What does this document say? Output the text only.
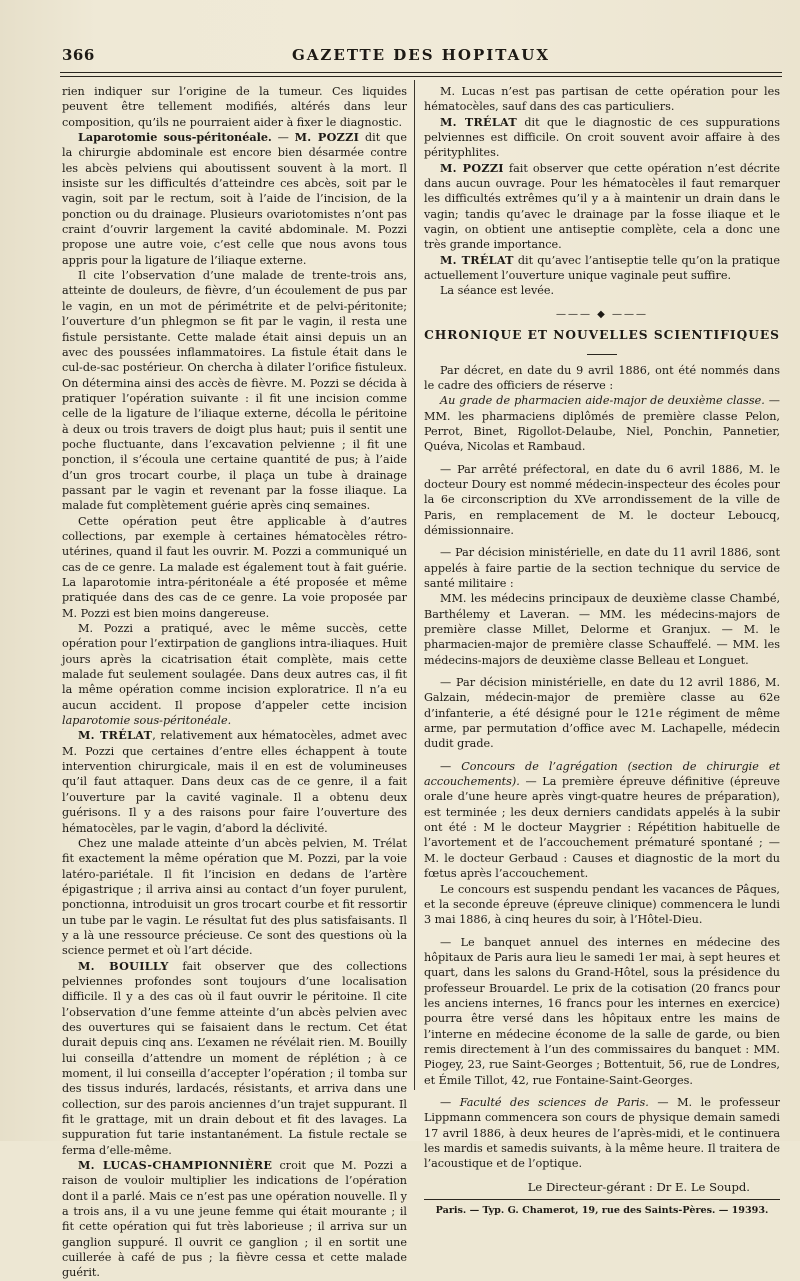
366	GAZETTE DES HOPITAUX

rien indiquer sur l’origine de la tumeur. Ces liquides peuvent être tellement modifiés, altérés dans leur composition, qu’ils ne pourraient aider à fixer le diagnostic.

Laparotomie sous-péritonéale. — M. POZZI dit que la chirurgie abdominale est encore bien désarmée contre les abcès pelviens qui aboutissent souvent à la mort. Il insiste sur les difficultés d’atteindre ces abcès, soit par le vagin, soit par le rectum, soit à l’aide de l’incision, de la ponction ou du drainage. Plusieurs ovariotomistes n’ont pas craint d’ouvrir largement la cavité abdominale. M. Pozzi propose une autre voie, c’est celle que nous avons tous appris pour la ligature de l’iliaque externe.

Il cite l’observation d’une malade de trente-trois ans, atteinte de douleurs, de fièvre, d’un écoulement de pus par le vagin, en un mot de périmétrite et de pelvi-péritonite; l’ouverture d’un phlegmon se fit par le vagin, il resta une fistule persistante. Cette malade était ainsi depuis un an avec des poussées inflammatoires. La fistule était dans le cul-de-sac postérieur. On chercha à dilater l’orifice fistuleux. On détermina ainsi des accès de fièvre. M. Pozzi se décida à pratiquer l’opération suivante : il fit une incision comme celle de la ligature de l’iliaque externe, décolla le péritoine à deux ou trois travers de doigt plus haut; puis il sentit une poche fluctuante, dans l’excavation pelvienne ; il fit une ponction, il s’écoula une certaine quantité de pus; à l’aide d’un gros trocart courbe, il plaça un tube à drainage passant par le vagin et revenant par la fosse iliaque. La malade fut complètement guérie après cinq semaines.

Cette opération peut être applicable à d’autres collections, par exemple à certaines hématocèles rétro-utérines, quand il faut les ouvrir. M. Pozzi a communiqué un cas de ce genre. La malade est également tout à fait guérie. La laparotomie intra-péritonéale a été proposée et même pratiquée dans des cas de ce genre. La voie proposée par M. Pozzi est bien moins dangereuse.

M. Pozzi a pratiqué, avec le même succès, cette opération pour l’extirpation de ganglions intra-iliaques. Huit jours après la cicatrisation était complète, mais cette malade fut seulement soulagée. Dans deux autres cas, il fit la même opération comme incision exploratrice. Il n’a eu aucun accident. Il propose d’appeler cette incision laparotomie sous-péritonéale.

M. TRÉLAT, relativement aux hématocèles, admet avec M. Pozzi que certaines d’entre elles échappent à toute intervention chirurgicale, mais il en est de volumineuses qu’il faut attaquer. Dans deux cas de ce genre, il a fait l’ouverture par la cavité vaginale. Il a obtenu deux guérisons. Il y a des raisons pour faire l’ouverture des hématocèles, par le vagin, d’abord la déclivité.

Chez une malade atteinte d’un abcès pelvien, M. Trélat fit exactement la même opération que M. Pozzi, par la voie latéro-pariétale. Il fit l’incision en dedans de l’artère épigastrique ; il arriva ainsi au contact d’un foyer purulent, ponctionna, introduisit un gros trocart courbe et fit ressortir un tube par le vagin. Le résultat fut des plus satisfaisants. Il y a là une ressource précieuse. Ce sont des questions où la science permet et où l’art décide.

M. BOUILLY fait observer que des collections pelviennes profondes sont toujours d’une localisation difficile. Il y a des cas où il faut ouvrir le péritoine. Il cite l’observation d’une femme atteinte d’un abcès pelvien avec des ouvertures qui se faisaient dans le rectum. Cet état durait depuis cinq ans. L’examen ne révélait rien. M. Bouilly lui conseilla d’attendre un moment de réplétion ; à ce moment, il lui conseilla d’accepter l’opération ; il tomba sur des tissus indurés, lardacés, résistants, et arriva dans une collection, sur des parois anciennes d’un trajet suppurant. Il fit le grattage, mit un drain debout et fit des lavages. La suppuration fut tarie instantanément. La fistule rectale se ferma d’elle-même.

M. LUCAS-CHAMPIONNIÈRE croit que M. Pozzi a raison de vouloir multiplier les indications de l’opération dont il a parlé. Mais ce n’est pas une opération nouvelle. Il y a trois ans, il a vu une jeune femme qui était mourante ; il fit cette opération qui fut très laborieuse ; il arriva sur un ganglion suppuré. Il ouvrit ce ganglion ; il en sortit une cuillerée à café de pus ; la fièvre cessa et cette malade guérit.

M. Lucas n’est pas partisan de cette opération pour les hématocèles, sauf dans des cas particuliers.

M. TRÉLAT dit que le diagnostic de ces suppurations pelviennes est difficile. On croit souvent avoir affaire à des pérityphlites.

M. POZZI fait observer que cette opération n’est décrite dans aucun ouvrage. Pour les hématocèles il faut remarquer les difficultés extrêmes qu’il y a à maintenir un drain dans le vagin; tandis qu’avec le drainage par la fosse iliaque et le vagin, on obtient une antiseptie complète, cela a donc une très grande importance.

M. TRÉLAT dit qu’avec l’antiseptie telle qu’on la pratique actuellement l’ouverture unique vaginale peut suffire.

La séance est levée.

——— ◆ ———
CHRONIQUE ET NOUVELLES SCIENTIFIQUES

Par décret, en date du 9 avril 1886, ont été nommés dans le cadre des officiers de réserve :

Au grade de pharmacien aide-major de deuxième classe. — MM. les pharmaciens diplômés de première classe Pelon, Perrot, Binet, Rigollot-Delaube, Niel, Ponchin, Pannetier, Quéva, Nicolas et Rambaud.

— Par arrêté préfectoral, en date du 6 avril 1886, M. le docteur Doury est nommé médecin-inspecteur des écoles pour la 6e circonscription du XVe arrondissement de la ville de Paris, en remplacement de M. le docteur Leboucq, démissionnaire.

— Par décision ministérielle, en date du 11 avril 1886, sont appelés à faire partie de la section technique du service de santé militaire :

MM. les médecins principaux de deuxième classe Chambé, Barthélemy et Laveran. — MM. les médecins-majors de première classe Millet, Delorme et Granjux. — M. le pharmacien-major de première classe Schauffelé. — MM. les médecins-majors de deuxième classe Belleau et Longuet.

— Par décision ministérielle, en date du 12 avril 1886, M. Galzain, médecin-major de première classe au 62e d’infanterie, a été désigné pour le 121e régiment de même arme, par permutation d’office avec M. Lachapelle, médecin dudit grade.

— Concours de l’agrégation (section de chirurgie et accouchements). — La première épreuve définitive (épreuve orale d’une heure après vingt-quatre heures de préparation), est terminée ; les deux derniers candidats appelés à la subir ont été : M le docteur Maygrier : Répétition habituelle de l’avortement et de l’accouchement prématuré spontané ; — M. le docteur Gerbaud : Causes et diagnostic de la mort du fœtus après l’accouchement.

Le concours est suspendu pendant les vacances de Pâques, et la seconde épreuve (épreuve clinique) commencera le lundi 3 mai 1886, à cinq heures du soir, à l’Hôtel-Dieu.

— Le banquet annuel des internes en médecine des hôpitaux de Paris aura lieu le samedi 1er mai, à sept heures et quart, dans les salons du Grand-Hôtel, sous la présidence du professeur Brouardel. Le prix de la cotisation (20 francs pour les anciens internes, 16 francs pour les internes en exercice) pourra être versé dans les hôpitaux entre les mains de l’interne en médecine économe de la salle de garde, ou bien remis directement à l’un des commissaires du banquet : MM. Piogey, 23, rue Saint-Georges ; Bottentuit, 56, rue de Londres, et Émile Tillot, 42, rue Fontaine-Saint-Georges.

— Faculté des sciences de Paris. — M. le professeur Lippmann commencera son cours de physique demain samedi 17 avril 1886, à deux heures de l’après-midi, et le continuera les mardis et samedis suivants, à la même heure. Il traitera de l’acoustique et de l’optique.

Le Directeur-gérant : Dr E. Le Soupd.
Paris. — Typ. G. Chamerot, 19, rue des Saints-Pères. — 19393.
